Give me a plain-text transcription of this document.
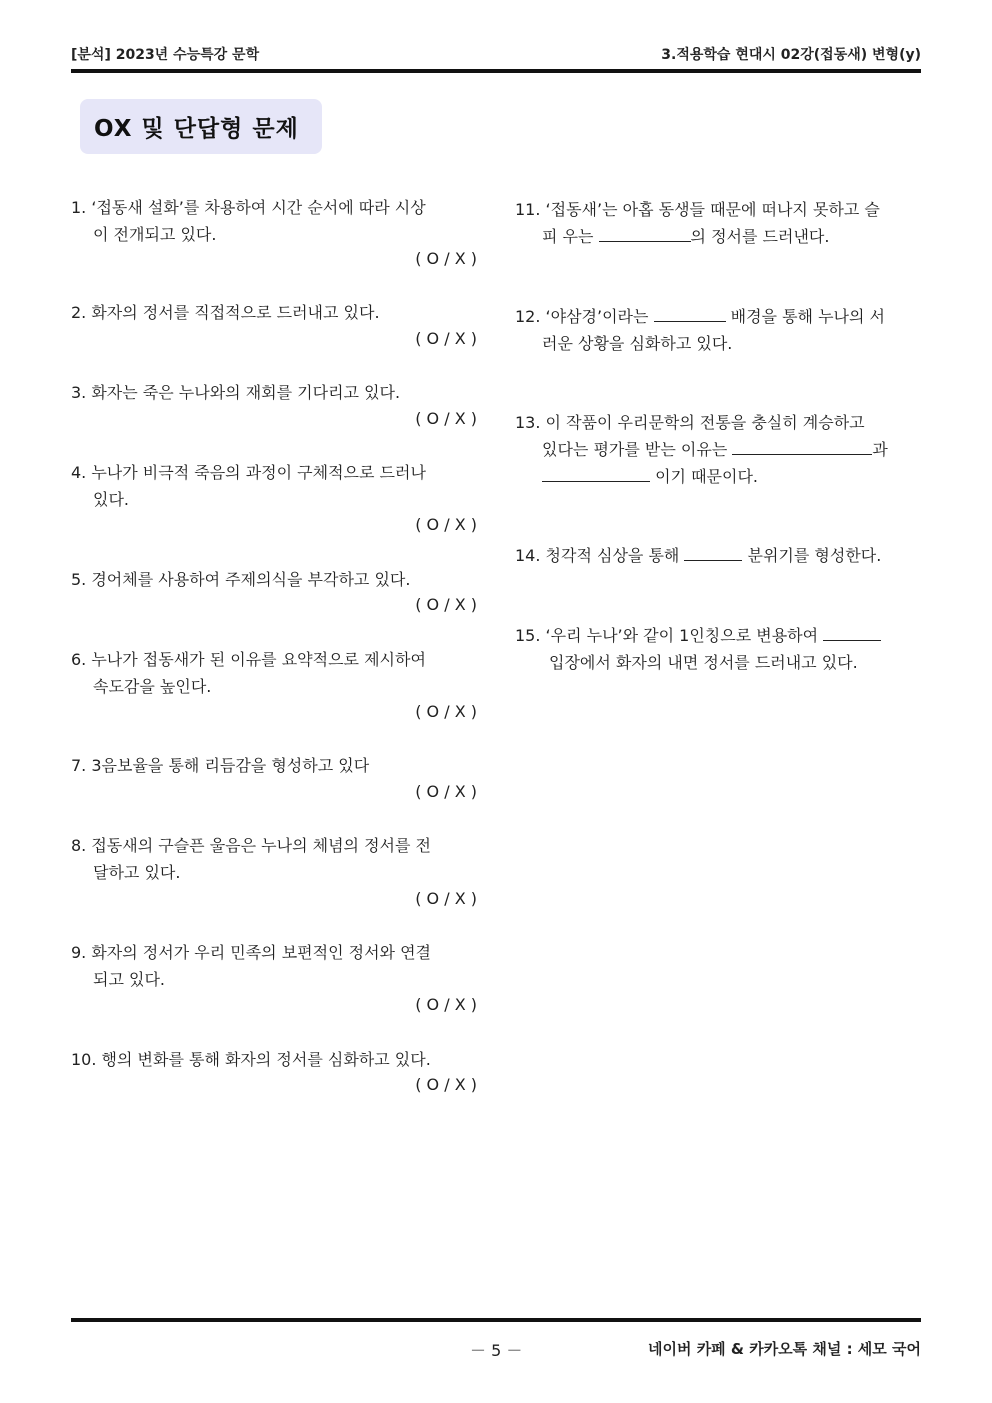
[분석] 2023년 수능특강 문학	3.적용학습 현대시 02강(접동새) 변형(y)
OX 및 단답형 문제
1. ‘접동새 설화’를 차용하여 시간 순서에 따라 시상
이 전개되고 있다.
( O / X )
2. 화자의 정서를 직접적으로 드러내고 있다.
( O / X )
3. 화자는 죽은 누나와의 재회를 기다리고 있다.
( O / X )
4. 누나가 비극적 죽음의 과정이 구체적으로 드러나
있다.
( O / X )
5. 경어체를 사용하여 주제의식을 부각하고 있다.
( O / X )
6. 누나가 접동새가 된 이유를 요약적으로 제시하여
속도감을 높인다.
( O / X )
7. 3음보율을 통해 리듬감을 형성하고 있다
( O / X )
8. 접동새의 구슬픈 울음은 누나의 체념의 정서를 전
달하고 있다.
( O / X )
9. 화자의 정서가 우리 민족의 보편적인 정서와 연결
되고 있다.
( O / X )
10. 행의 변화를 통해 화자의 정서를 심화하고 있다.
( O / X )
11. ‘접동새’는 아홉 동생들 때문에 떠나지 못하고 슬
피 우는	의 정서를 드러낸다.
12. ‘야삼경’이라는	배경을 통해 누나의 서
러운 상황을 심화하고 있다.
13. 이 작품이 우리문학의 전통을 충실히 계승하고
있다는 평가를 받는 이유는	과
이기 때문이다.
14. 청각적 심상을 통해	분위기를 형성한다.
15. ‘우리 누나’와 같이 1인칭으로 변용하여
입장에서 화자의 내면 정서를 드러내고 있다.
－ 5 －	네이버 카페 & 카카오톡 채널 : 세모 국어
